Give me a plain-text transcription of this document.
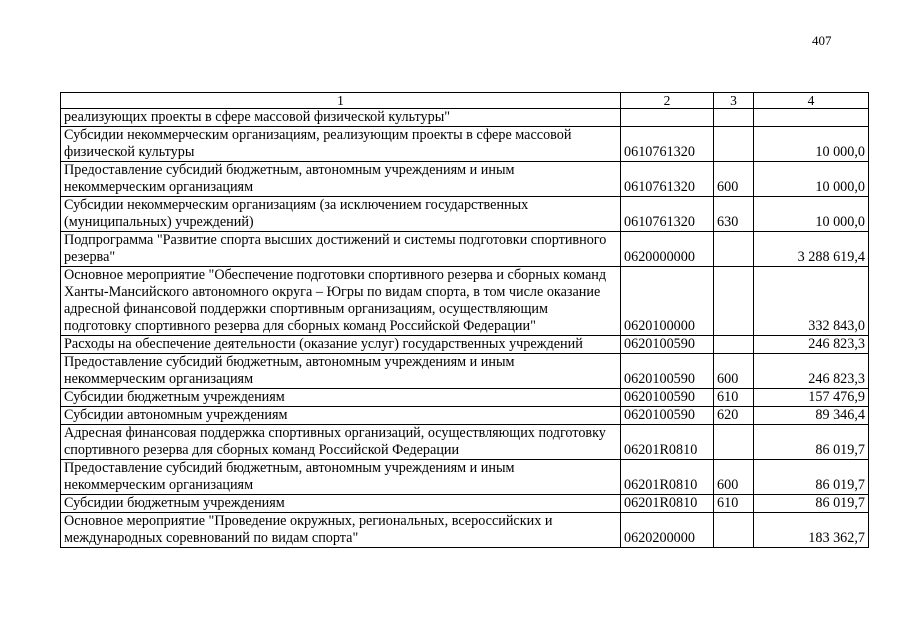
407
1	2	3	4
реализующих проекты в сфере массовой физической культуры"			
Субсидии некоммерческим организациям, реализующим проекты в сфере массовой физической культуры	0610761320		10 000,0
Предоставление субсидий бюджетным, автономным учреждениям и иным некоммерческим организациям	0610761320	600	10 000,0
Субсидии некоммерческим организациям (за исключением государственных (муниципальных) учреждений)	0610761320	630	10 000,0
Подпрограмма "Развитие спорта высших достижений и системы подготовки спортивного резерва"	0620000000		3 288 619,4
Основное мероприятие "Обеспечение подготовки спортивного резерва и сборных команд Ханты-Мансийского автономного округа – Югры по видам спорта, в том числе оказание адресной финансовой поддержки спортивным организациям, осуществляющим подготовку спортивного резерва для сборных команд Российской Федерации"	0620100000		332 843,0
Расходы на обеспечение деятельности (оказание услуг) государственных учреждений	0620100590		246 823,3
Предоставление субсидий бюджетным, автономным учреждениям и иным некоммерческим организациям	0620100590	600	246 823,3
Субсидии бюджетным учреждениям	0620100590	610	157 476,9
Субсидии автономным учреждениям	0620100590	620	89 346,4
Адресная финансовая поддержка спортивных организаций, осуществляющих подготовку спортивного резерва для сборных команд Российской Федерации	06201R0810		86 019,7
Предоставление субсидий бюджетным, автономным учреждениям и иным некоммерческим организациям	06201R0810	600	86 019,7
Субсидии бюджетным учреждениям	06201R0810	610	86 019,7
Основное мероприятие "Проведение окружных, региональных, всероссийских и международных соревнований по видам спорта"	0620200000		183 362,7
